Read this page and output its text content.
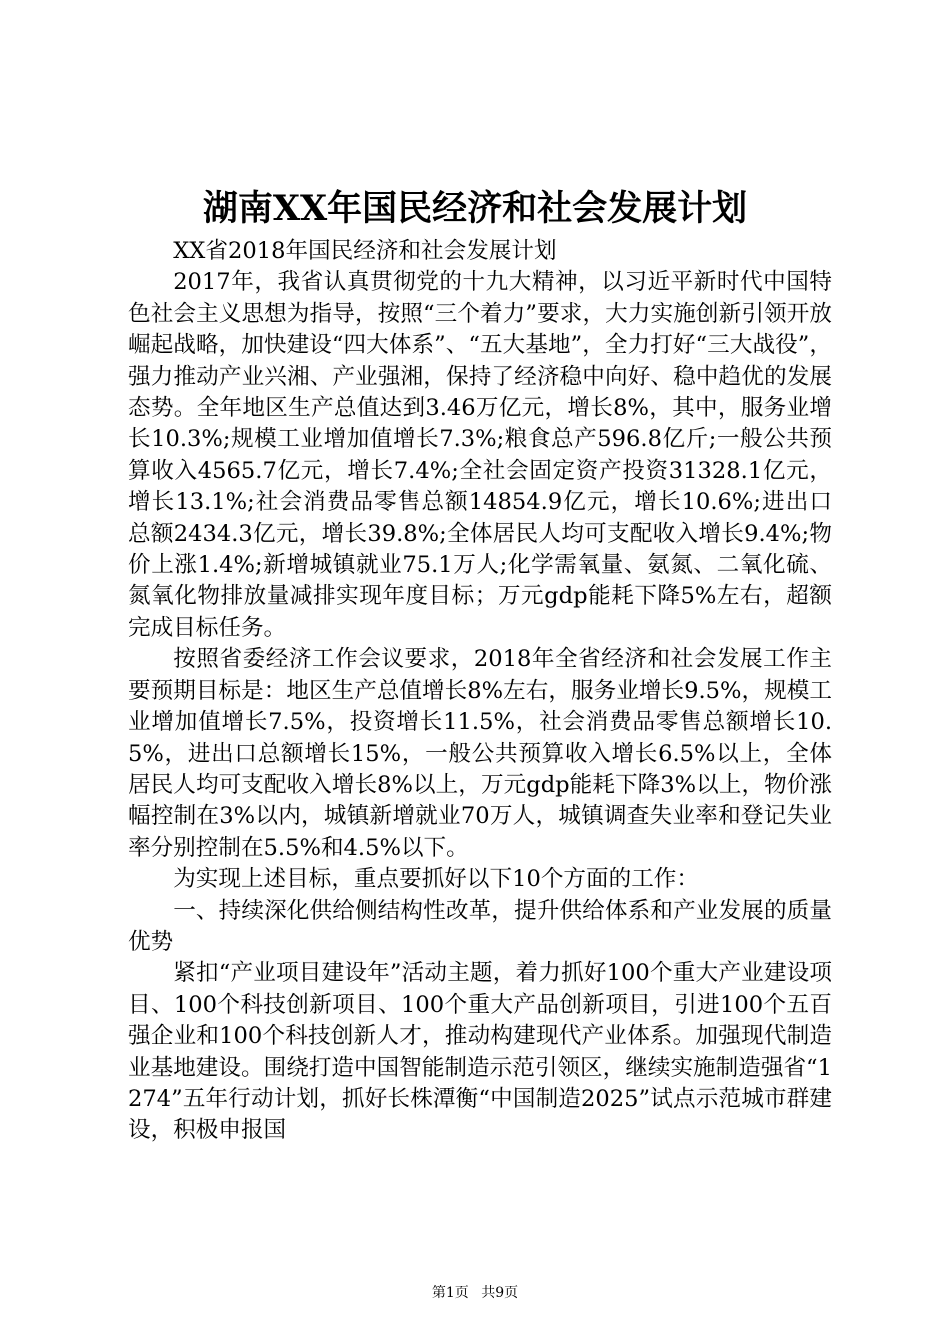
湖南XX年国民经济和社会发展计划

XX省2018年国民经济和社会发展计划

2017年，我省认真贯彻党的十九大精神，以习近平新时代中国特色社会主义思想为指导，按照“三个着力”要求，大力实施创新引领开放崛起战略，加快建设“四大体系”、“五大基地”，全力打好“三大战役”，强力推动产业兴湘、产业强湘，保持了经济稳中向好、稳中趋优的发展态势。全年地区生产总值达到3.46万亿元，增长8%，其中，服务业增长10.3%;规模工业增加值增长7.3%;粮食总产596.8亿斤;一般公共预算收入4565.7亿元，增长7.4%;全社会固定资产投资31328.1亿元，增长13.1%;社会消费品零售总额14854.9亿元，增长10.6%;进出口总额2434.3亿元，增长39.8%;全体居民人均可支配收入增长9.4%;物价上涨1.4%;新增城镇就业75.1万人;化学需氧量、氨氮、二氧化硫、氮氧化物排放量减排实现年度目标；万元gdp能耗下降5%左右，超额完成目标任务。

按照省委经济工作会议要求，2018年全省经济和社会发展工作主要预期目标是：地区生产总值增长8%左右，服务业增长9.5%，规模工业增加值增长7.5%，投资增长11.5%，社会消费品零售总额增长10.5%，进出口总额增长15%，一般公共预算收入增长6.5%以上，全体居民人均可支配收入增长8%以上，万元gdp能耗下降3%以上，物价涨幅控制在3%以内，城镇新增就业70万人，城镇调查失业率和登记失业率分别控制在5.5%和4.5%以下。

为实现上述目标，重点要抓好以下10个方面的工作：

一、持续深化供给侧结构性改革，提升供给体系和产业发展的质量优势

紧扣“产业项目建设年”活动主题，着力抓好100个重大产业建设项目、100个科技创新项目、100个重大产品创新项目，引进100个五百强企业和100个科技创新人才，推动构建现代产业体系。加强现代制造业基地建设。围绕打造中国智能制造示范引领区，继续实施制造强省“1274”五年行动计划，抓好长株潭衡“中国制造2025”试点示范城市群建设，积极申报国

第1页 共9页
